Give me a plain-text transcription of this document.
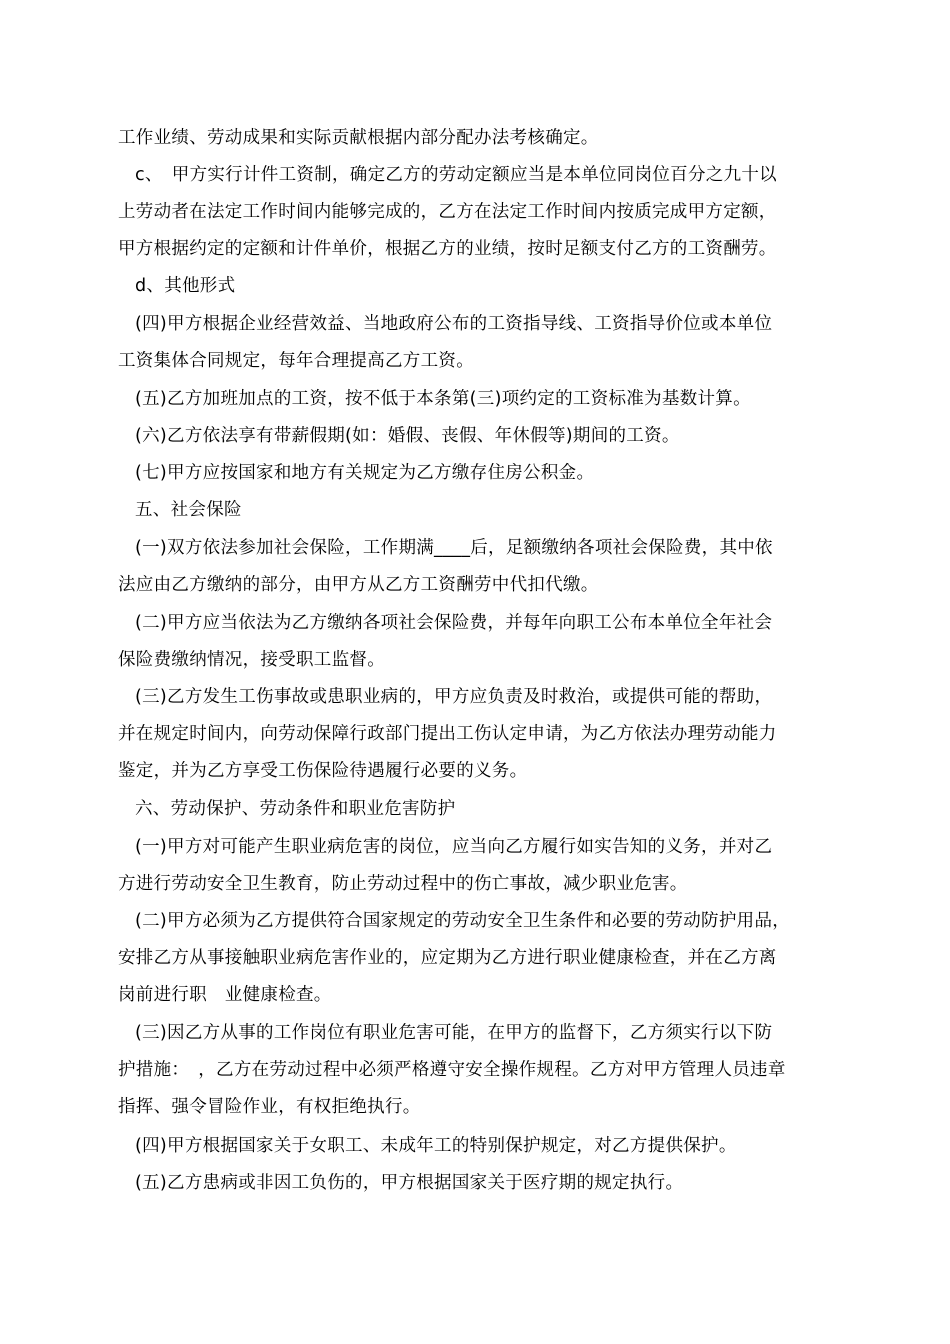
工作业绩、劳动成果和实际贡献根据内部分配办法考核确定。
c、　甲方实行计件工资制，确定乙方的劳动定额应当是本单位同岗位百分之九十以
上劳动者在法定工作时间内能够完成的，乙方在法定工作时间内按质完成甲方定额，
甲方根据约定的定额和计件单价，根据乙方的业绩，按时足额支付乙方的工资酬劳。
d、其他形式
(四)甲方根据企业经营效益、当地政府公布的工资指导线、工资指导价位或本单位
工资集体合同规定，每年合理提高乙方工资。
(五)乙方加班加点的工资，按不低于本条第(三)项约定的工资标准为基数计算。
(六)乙方依法享有带薪假期(如：婚假、丧假、年休假等)期间的工资。
(七)甲方应按国家和地方有关规定为乙方缴存住房公积金。
五、社会保险
(一)双方依法参加社会保险，工作期满____后，足额缴纳各项社会保险费，其中依
法应由乙方缴纳的部分，由甲方从乙方工资酬劳中代扣代缴。
(二)甲方应当依法为乙方缴纳各项社会保险费，并每年向职工公布本单位全年社会
保险费缴纳情况，接受职工监督。
(三)乙方发生工伤事故或患职业病的，甲方应负责及时救治，或提供可能的帮助，
并在规定时间内，向劳动保障行政部门提出工伤认定申请，为乙方依法办理劳动能力
鉴定，并为乙方享受工伤保险待遇履行必要的义务。
六、劳动保护、劳动条件和职业危害防护
(一)甲方对可能产生职业病危害的岗位，应当向乙方履行如实告知的义务，并对乙
方进行劳动安全卫生教育，防止劳动过程中的伤亡事故，减少职业危害。
(二)甲方必须为乙方提供符合国家规定的劳动安全卫生条件和必要的劳动防护用品，
安排乙方从事接触职业病危害作业的，应定期为乙方进行职业健康检查，并在乙方离
岗前进行职　业健康检查。
(三)因乙方从事的工作岗位有职业危害可能，在甲方的监督下，乙方须实行以下防
护措施：　，乙方在劳动过程中必须严格遵守安全操作规程。乙方对甲方管理人员违章
指挥、强令冒险作业，有权拒绝执行。
(四)甲方根据国家关于女职工、未成年工的特别保护规定，对乙方提供保护。
(五)乙方患病或非因工负伤的，甲方根据国家关于医疗期的规定执行。
